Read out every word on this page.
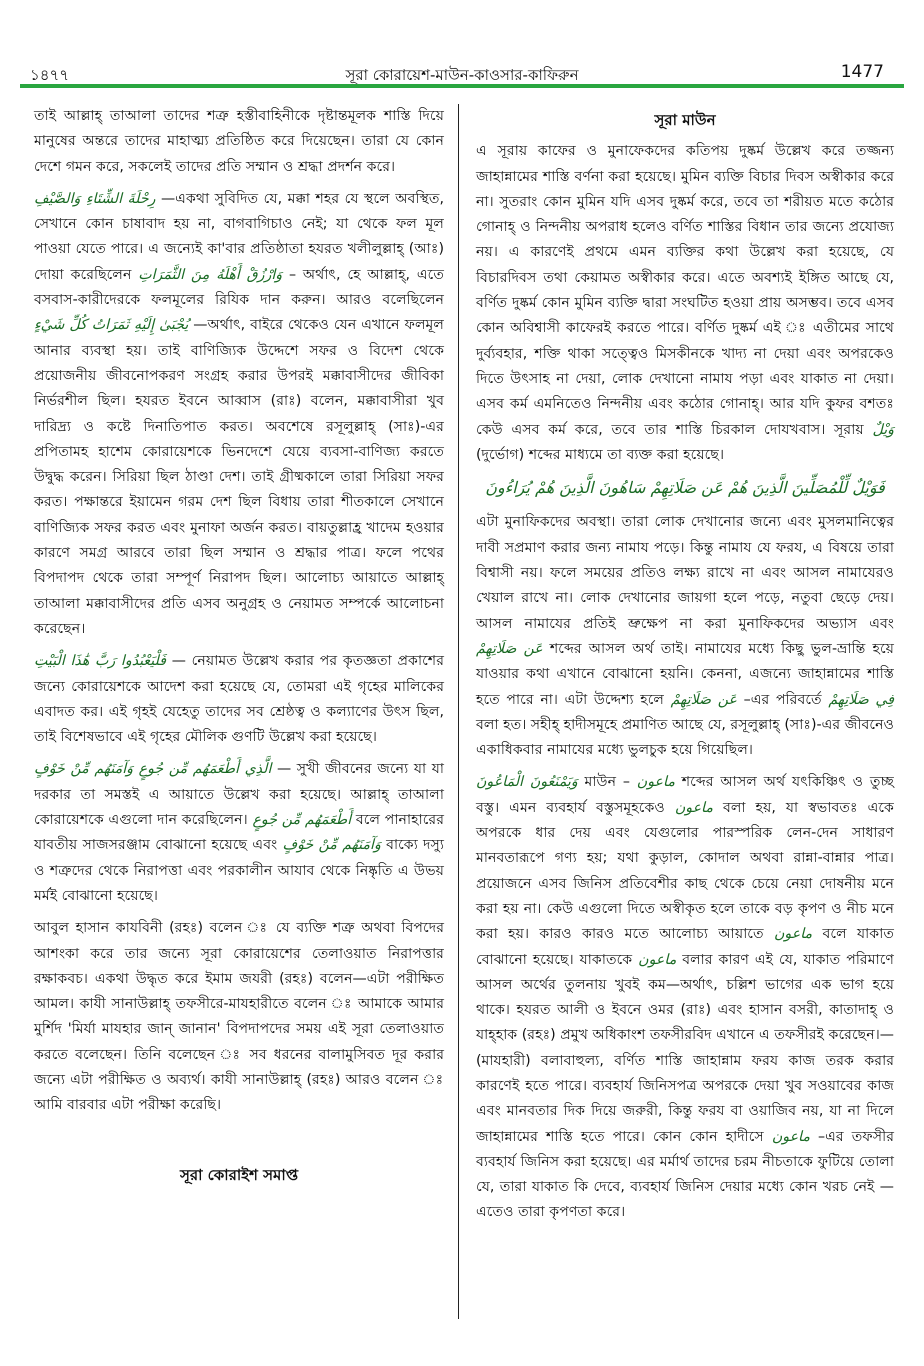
১৪৭৭	সূরা কোরায়েশ-মাউন-কাওসার-কাফিরুন	1477

তাই আল্লাহ্ তাআলা তাদের শত্রু হস্তীবাহিনীকে দৃষ্টান্তমূলক শাস্তি দিয়ে মানুষের অন্তরে তাদের মাহাত্ম্য প্রতিষ্ঠিত করে দিয়েছেন। তারা যে কোন দেশে গমন করে, সকলেই তাদের প্রতি সম্মান ও শ্রদ্ধা প্রদর্শন করে।

رِحْلَةَ الشِّتَاءِ وَالصَّيْفِ —একথা সুবিদিত যে, মক্কা শহর যে স্থলে অবস্থিত, সেখানে কোন চাষাবাদ হয় না, বাগবাগিচাও নেই; যা থেকে ফল মূল পাওয়া যেতে পারে। এ জন্যেই কা'বার প্রতিষ্ঠাতা হযরত খলীলুল্লাহ্ (আঃ) দোয়া করেছিলেন وَارْزُقْ أَهْلَهُ مِنَ الثَّمَرَاتِ – অর্থাৎ, হে আল্লাহ্, এতে বসবাস-কারীদেরকে ফলমূলের রিযিক দান করুন। আরও বলেছিলেন يُجْبَىٰ إِلَيْهِ ثَمَرَاتُ كُلِّ شَيْءٍ —অর্থাৎ, বাইরে থেকেও যেন এখানে ফলমূল আনার ব্যবস্থা হয়। তাই বাণিজ্যিক উদ্দেশে সফর ও বিদেশ থেকে প্রয়োজনীয় জীবনোপকরণ সংগ্রহ করার উপরই মক্কাবাসীদের জীবিকা নির্ভরশীল ছিল। হযরত ইবনে আব্বাস (রাঃ) বলেন, মক্কাবাসীরা খুব দারিদ্র্য ও কষ্টে দিনাতিপাত করত। অবশেষে রসূলুল্লাহ্ (সাঃ)-এর প্রপিতামহ হাশেম কোরায়েশকে ভিনদেশে যেয়ে ব্যবসা-বাণিজ্য করতে উদ্বুদ্ধ করেন। সিরিয়া ছিল ঠাণ্ডা দেশ। তাই গ্রীষ্মকালে তারা সিরিয়া সফর করত। পক্ষান্তরে ইয়ামেন গরম দেশ ছিল বিধায় তারা শীতকালে সেখানে বাণিজ্যিক সফর করত এবং মুনাফা অর্জন করত। বায়তুল্লাহ্র খাদেম হওয়ার কারণে সমগ্র আরবে তারা ছিল সম্মান ও শ্রদ্ধার পাত্র। ফলে পথের বিপদাপদ থেকে তারা সম্পূর্ণ নিরাপদ ছিল। আলোচ্য আয়াতে আল্লাহ্ তাআলা মক্কাবাসীদের প্রতি এসব অনুগ্রহ ও নেয়ামত সম্পর্কে আলোচনা করেছেন।

فَلْيَعْبُدُوا رَبَّ هَٰذَا الْبَيْتِ — নেয়ামত উল্লেখ করার পর কৃতজ্ঞতা প্রকাশের জন্যে কোরায়েশকে আদেশ করা হয়েছে যে, তোমরা এই গৃহের মালিকের এবাদত কর। এই গৃহই যেহেতু তাদের সব শ্রেষ্ঠত্ব ও কল্যাণের উৎস ছিল, তাই বিশেষভাবে এই গৃহের মৌলিক গুণটি উল্লেখ করা হয়েছে।

الَّذِي أَطْعَمَهُم مِّن جُوعٍ وَآمَنَهُم مِّنْ خَوْفٍ — সুখী জীবনের জন্যে যা যা দরকার তা সমস্তই এ আয়াতে উল্লেখ করা হয়েছে। আল্লাহ্ তাআলা কোরায়েশকে এগুলো দান করেছিলেন। أَطْعَمَهُم مِّن جُوعٍ বলে পানাহারের যাবতীয় সাজসরঞ্জাম বোঝানো হয়েছে এবং وَآمَنَهُم مِّنْ خَوْفٍ বাক্যে দস্যু ও শত্রুদের থেকে নিরাপত্তা এবং পরকালীন আযাব থেকে নিষ্কৃতি এ উভয় মর্মই বোঝানো হয়েছে।

আবুল হাসান কাযবিনী (রহঃ) বলেন ঃ যে ব্যক্তি শত্রু অথবা বিপদের আশংকা করে তার জন্যে সূরা কোরায়েশের তেলাওয়াত নিরাপত্তার রক্ষাকবচ। একথা উদ্ধৃত করে ইমাম জযরী (রহঃ) বলেন—এটা পরীক্ষিত আমল। কাযী সানাউল্লাহ্ তফসীরে-মাযহারীতে বলেন ঃ আমাকে আমার মুর্শিদ 'মির্যা মাযহার জান্ জানান' বিপদাপদের সময় এই সূরা তেলাওয়াত করতে বলেছেন। তিনি বলেছেন ঃ সব ধরনের বালামুসিবত দূর করার জন্যে এটা পরীক্ষিত ও অব্যর্থ। কাযী সানাউল্লাহ্ (রহঃ) আরও বলেন ঃ আমি বারবার এটা পরীক্ষা করেছি।

সূরা কোরাইশ সমাপ্ত
সূরা মাউন

এ সূরায় কাফের ও মুনাফেকদের কতিপয় দুষ্কর্ম উল্লেখ করে তজ্জন্য জাহান্নামের শাস্তি বর্ণনা করা হয়েছে। মুমিন ব্যক্তি বিচার দিবস অস্বীকার করে না। সুতরাং কোন মুমিন যদি এসব দুষ্কর্ম করে, তবে তা শরীয়ত মতে কঠোর গোনাহ্ ও নিন্দনীয় অপরাধ হলেও বর্ণিত শাস্তির বিধান তার জন্যে প্রযোজ্য নয়। এ কারণেই প্রথমে এমন ব্যক্তির কথা উল্লেখ করা হয়েছে, যে বিচারদিবস তথা কেয়ামত অস্বীকার করে। এতে অবশ্যই ইঙ্গিত আছে যে, বর্ণিত দুষ্কর্ম কোন মুমিন ব্যক্তি দ্বারা সংঘটিত হওয়া প্রায় অসম্ভব। তবে এসব কোন অবিশ্বাসী কাফেরই করতে পারে। বর্ণিত দুষ্কর্ম এই ঃ এতীমের সাথে দুর্ব্যবহার, শক্তি থাকা সত্ত্বেও মিসকীনকে খাদ্য না দেয়া এবং অপরকেও দিতে উৎসাহ না দেয়া, লোক দেখানো নামায পড়া এবং যাকাত না দেয়া। এসব কর্ম এমনিতেও নিন্দনীয় এবং কঠোর গোনাহ্। আর যদি কুফর বশতঃ কেউ এসব কর্ম করে, তবে তার শাস্তি চিরকাল দোযখবাস। সূরায় وَيْلٌ (দুর্ভোগ) শব্দের মাধ্যমে তা ব্যক্ত করা হয়েছে।

فَوَيْلٌ لِّلْمُصَلِّينَ الَّذِينَ هُمْ عَن صَلَاتِهِمْ سَاهُونَ الَّذِينَ هُمْ يُرَاءُونَ

এটা মুনাফিকদের অবস্থা। তারা লোক দেখানোর জন্যে এবং মুসলমানিত্বের দাবী সপ্রমাণ করার জন্য নামায পড়ে। কিন্তু নামায যে ফরয, এ বিষয়ে তারা বিশ্বাসী নয়। ফলে সময়ের প্রতিও লক্ষ্য রাখে না এবং আসল নামাযেরও খেয়াল রাখে না। লোক দেখানোর জায়গা হলে পড়ে, নতুবা ছেড়ে দেয়। আসল নামাযের প্রতিই ভ্রুক্ষেপ না করা মুনাফিকদের অভ্যাস এবং عَن صَلَاتِهِمْ শব্দের আসল অর্থ তাই। নামাযের মধ্যে কিছু ভুল-ভ্রান্তি হয়ে যাওয়ার কথা এখানে বোঝানো হয়নি। কেননা, এজন্যে জাহান্নামের শাস্তি হতে পারে না। এটা উদ্দেশ্য হলে عَن صَلَاتِهِمْ –এর পরিবর্তে فِي صَلَاتِهِمْ বলা হত। সহীহ্ হাদীসমূহে প্রমাণিত আছে যে, রসূলুল্লাহ্ (সাঃ)-এর জীবনেও একাধিকবার নামাযের মধ্যে ভুলচুক হয়ে গিয়েছিল।

وَيَمْنَعُونَ الْمَاعُونَ মাউন – ماعون শব্দের আসল অর্থ যৎকিঞ্চিৎ ও তুচ্ছ বস্তু। এমন ব্যবহার্য বস্তুসমূহকেও ماعون বলা হয়, যা স্বভাবতঃ একে অপরকে ধার দেয় এবং যেগুলোর পারস্পরিক লেন-দেন সাধারণ মানবতারূপে গণ্য হয়; যথা কুড়াল, কোদাল অথবা রান্না-বান্নার পাত্র। প্রয়োজনে এসব জিনিস প্রতিবেশীর কাছ থেকে চেয়ে নেয়া দোষনীয় মনে করা হয় না। কেউ এগুলো দিতে অস্বীকৃত হলে তাকে বড় কৃপণ ও নীচ মনে করা হয়। কারও কারও মতে আলোচ্য আয়াতে ماعون বলে যাকাত বোঝানো হয়েছে। যাকাতকে ماعون বলার কারণ এই যে, যাকাত পরিমাণে আসল অর্থের তুলনায় খুবই কম—অর্থাৎ, চল্লিশ ভাগের এক ভাগ হয়ে থাকে। হযরত আলী ও ইবনে ওমর (রাঃ) এবং হাসান বসরী, কাতাদাহ্ ও যাহ্হাক (রহঃ) প্রমুখ অধিকাংশ তফসীরবিদ এখানে এ তফসীরই করেছেন।—(মাযহারী) বলাবাহুল্য, বর্ণিত শাস্তি জাহান্নাম ফরয কাজ তরক করার কারণেই হতে পারে। ব্যবহার্য জিনিসপত্র অপরকে দেয়া খুব সওয়াবের কাজ এবং মানবতার দিক দিয়ে জরুরী, কিন্তু ফরয বা ওয়াজিব নয়, যা না দিলে জাহান্নামের শাস্তি হতে পারে। কোন কোন হাদীসে ماعون –এর তফসীর ব্যবহার্য জিনিস করা হয়েছে। এর মর্মার্থ তাদের চরম নীচতাকে ফুটিয়ে তোলা যে, তারা যাকাত কি দেবে, ব্যবহার্য জিনিস দেয়ার মধ্যে কোন খরচ নেই — এতেও তারা কৃপণতা করে।
